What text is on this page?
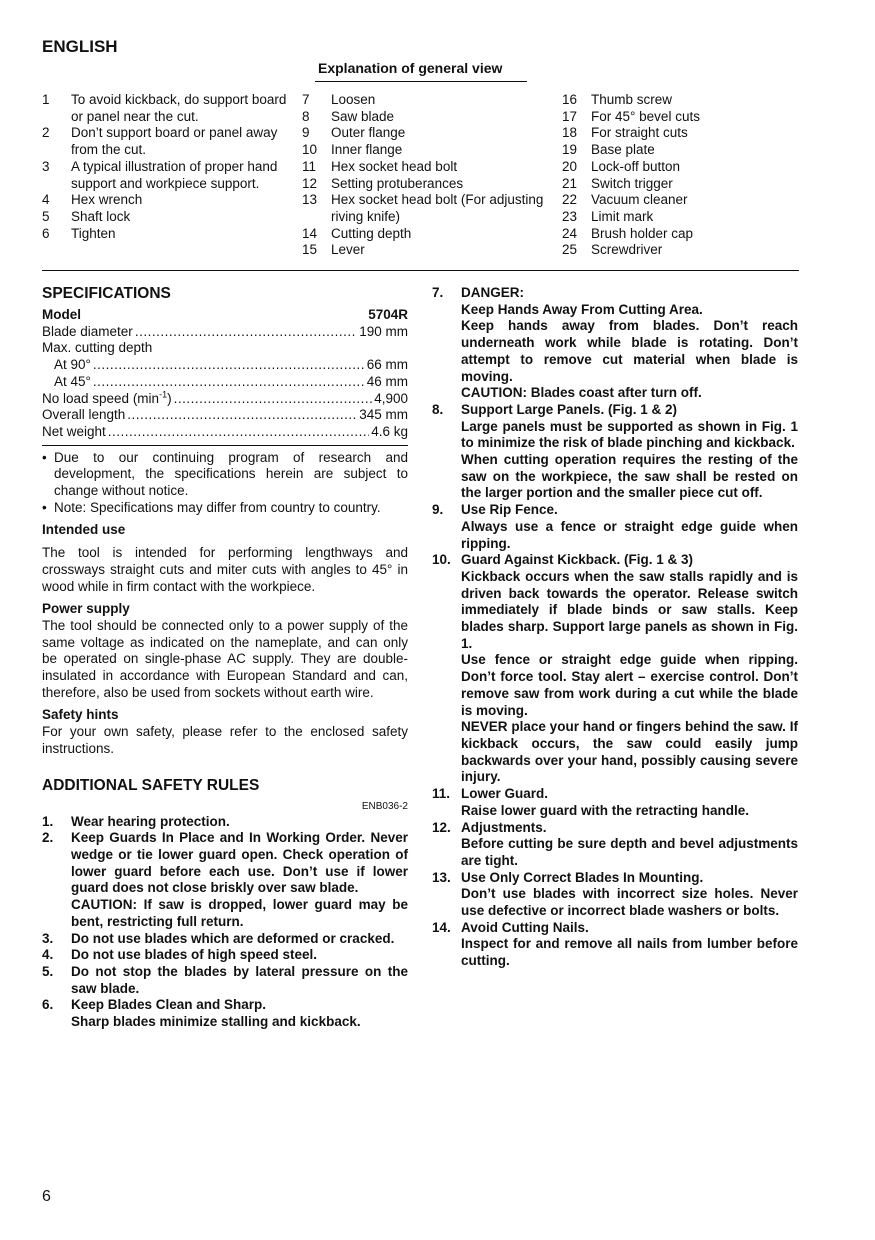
ENGLISH
Explanation of general view
1 To avoid kickback, do support board or panel near the cut.
2 Don’t support board or panel away from the cut.
3 A typical illustration of proper hand support and workpiece support.
4 Hex wrench
5 Shaft lock
6 Tighten
7 Loosen
8 Saw blade
9 Outer flange
10 Inner flange
11 Hex socket head bolt
12 Setting protuberances
13 Hex socket head bolt (For adjusting riving knife)
14 Cutting depth
15 Lever
16 Thumb screw
17 For 45° bevel cuts
18 For straight cuts
19 Base plate
20 Lock-off button
21 Switch trigger
22 Vacuum cleaner
23 Limit mark
24 Brush holder cap
25 Screwdriver
SPECIFICATIONS
Model	5704R
Blade diameter .....	190 mm
Max. cutting depth
At 90° .....	66 mm
At 45° .....	46 mm
No load speed $(\min^{-1})$ .....	4,900
Overall length .....	345 mm
Net weight .....	4.6 kg
• Due to our continuing program of research and development, the specifications herein are subject to change without notice.
• Note: Specifications may differ from country to country.
Intended use
The tool is intended for performing lengthways and crossways straight cuts and miter cuts with angles to 45° in wood while in firm contact with the workpiece.
Power supply
The tool should be connected only to a power supply of the same voltage as indicated on the nameplate, and can only be operated on single-phase AC supply. They are double-insulated in accordance with European Standard and can, therefore, also be used from sockets without earth wire.
Safety hints
For your own safety, please refer to the enclosed safety instructions.
ADDITIONAL SAFETY RULES
ENB036-2
1. Wear hearing protection.

2. Keep Guards In Place and In Working Order. Never wedge or tie lower guard open. Check operation of lower guard before each use. Don’t use if lower guard does not close briskly over saw blade.

CAUTION: If saw is dropped, lower guard may be bent, restricting full return.

3. Do not use blades which are deformed or cracked.

4. Do not use blades of high speed steel.

5. Do not stop the blades by lateral pressure on the saw blade.

6. Keep Blades Clean and Sharp.

Sharp blades minimize stalling and kickback.

7. DANGER:

Keep Hands Away From Cutting Area.

Keep hands away from blades. Don’t reach underneath work while blade is rotating. Don’t attempt to remove cut material when blade is moving.

CAUTION: Blades coast after turn off.

8. Support Large Panels. (Fig. 1 & 2)

Large panels must be supported as shown in Fig. 1 to minimize the risk of blade pinching and kickback.

When cutting operation requires the resting of the saw on the workpiece, the saw shall be rested on the larger portion and the smaller piece cut off.

9. Use Rip Fence.

Always use a fence or straight edge guide when ripping.

10. Guard Against Kickback. (Fig. 1 & 3)

Kickback occurs when the saw stalls rapidly and is driven back towards the operator. Release switch immediately if blade binds or saw stalls. Keep blades sharp. Support large panels as shown in Fig. 1.

Use fence or straight edge guide when ripping. Don’t force tool. Stay alert – exercise control. Don’t remove saw from work during a cut while the blade is moving.

NEVER place your hand or fingers behind the saw. If kickback occurs, the saw could easily jump backwards over your hand, possibly causing severe injury.

11. Lower Guard.

Raise lower guard with the retracting handle.

12. Adjustments.

Before cutting be sure depth and bevel adjustments are tight.

13. Use Only Correct Blades In Mounting.

Don’t use blades with incorrect size holes. Never use defective or incorrect blade washers or bolts.

14. Avoid Cutting Nails.

Inspect for and remove all nails from lumber before cutting.

6
